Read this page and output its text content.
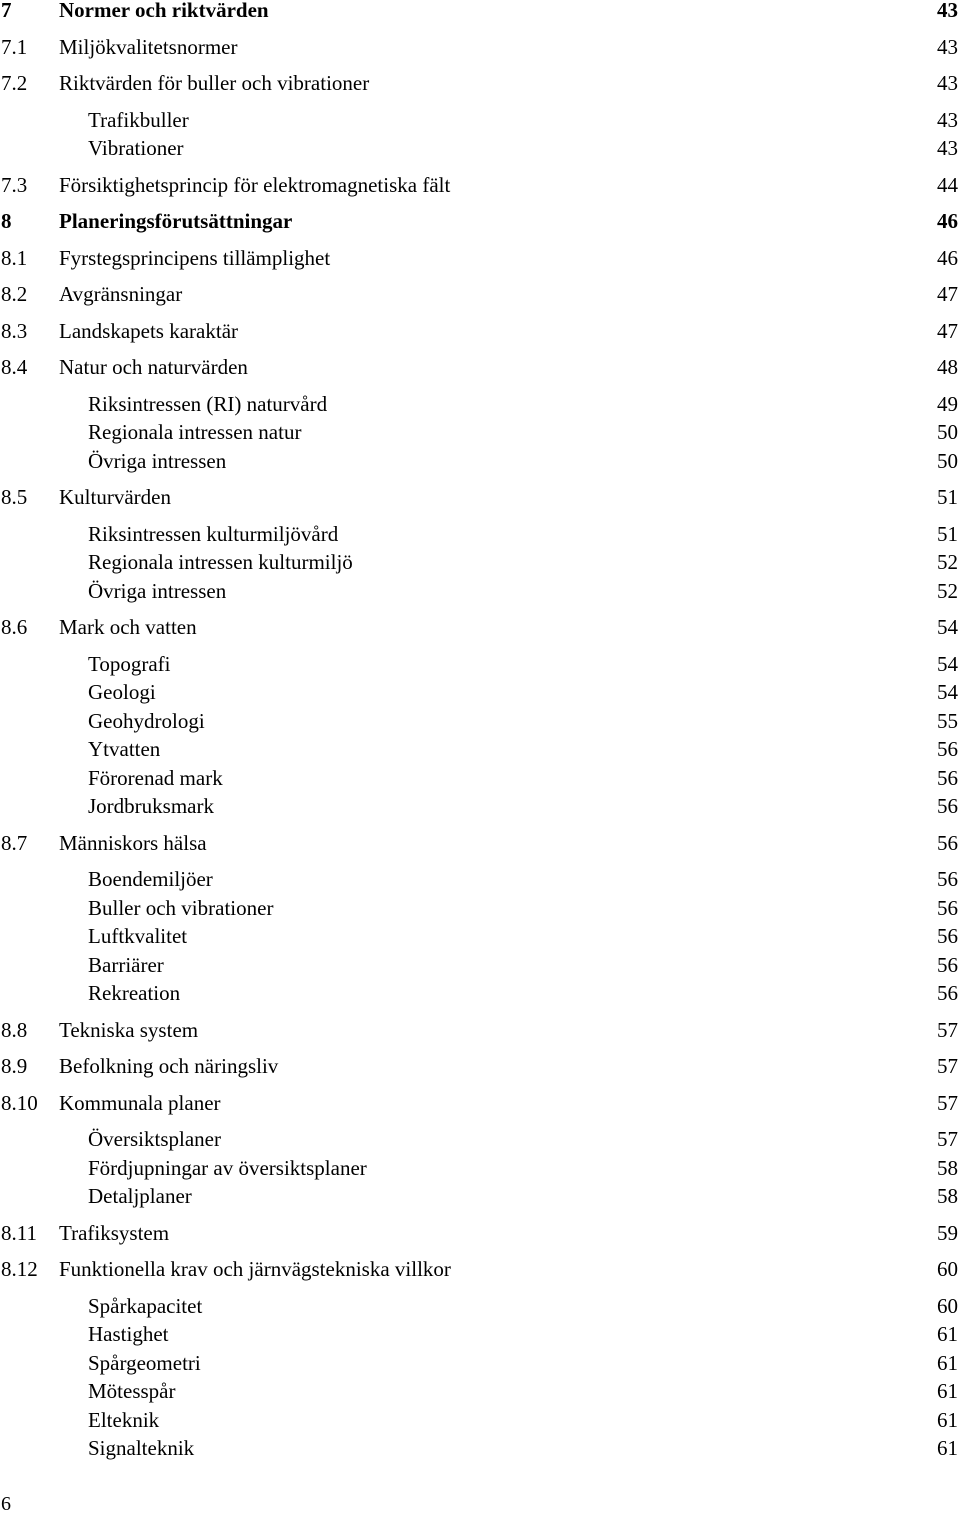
7 Normer och riktvärden	43
7.1 Miljökvalitetsnormer	43
7.2 Riktvärden för buller och vibrationer	43
Trafikbuller	43
Vibrationer	43
7.3 Försiktighetsprincip för elektromagnetiska fält	44
8 Planeringsförutsättningar	46
8.1 Fyrstegsprincipens tillämplighet	46
8.2 Avgränsningar	47
8.3 Landskapets karaktär	47
8.4 Natur och naturvärden	48
Riksintressen (RI) naturvård	49
Regionala intressen natur	50
Övriga intressen	50
8.5 Kulturvärden	51
Riksintressen kulturmiljövård	51
Regionala intressen kulturmiljö	52
Övriga intressen	52
8.6 Mark och vatten	54
Topografi	54
Geologi	54
Geohydrologi	55
Ytvatten	56
Förorenad mark	56
Jordbruksmark	56
8.7 Människors hälsa	56
Boendemiljöer	56
Buller och vibrationer	56
Luftkvalitet	56
Barriärer	56
Rekreation	56
8.8 Tekniska system	57
8.9 Befolkning och näringsliv	57
8.10 Kommunala planer	57
Översiktsplaner	57
Fördjupningar av översiktsplaner	58
Detaljplaner	58
8.11 Trafiksystem	59
8.12 Funktionella krav och järnvägstekniska villkor	60
Spårkapacitet	60
Hastighet	61
Spårgeometri	61
Mötesspår	61
Elteknik	61
Signalteknik	61
6
